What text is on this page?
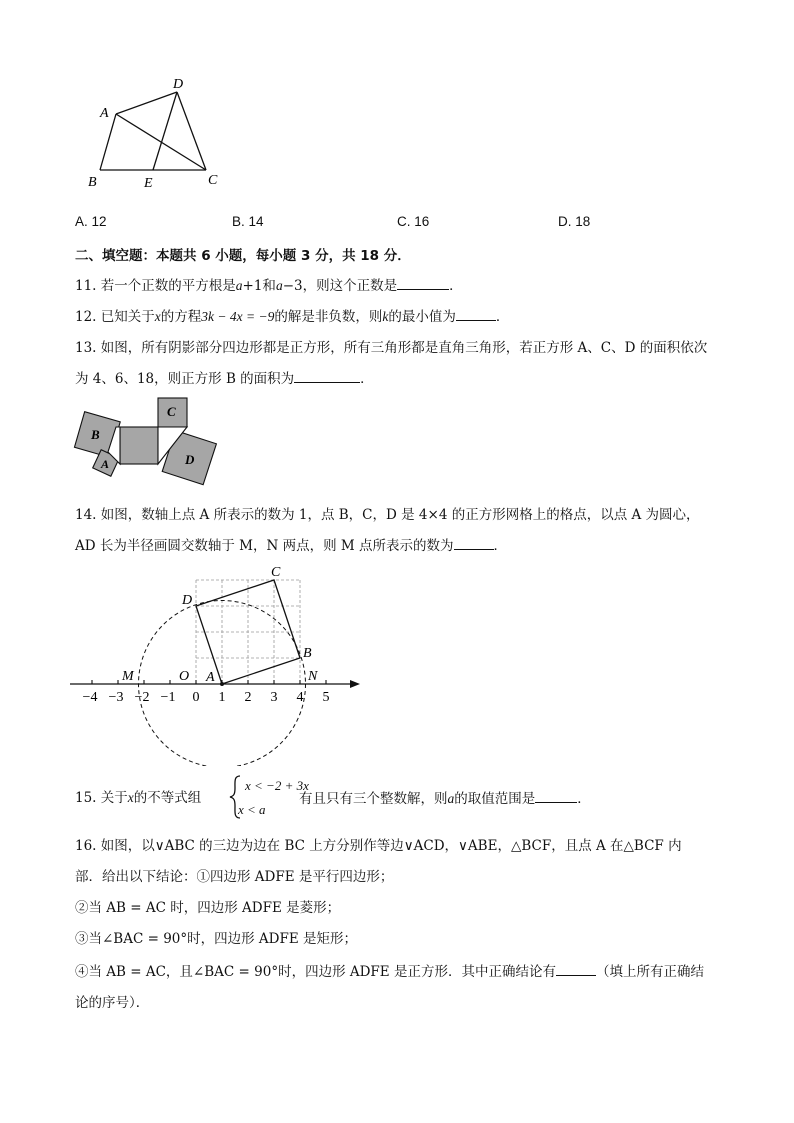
D
A
B	E	C
A. 12	B. 14	C. 16	D. 18
二、填空题：本题共 6 小题，每小题 3 分，共 18 分．
11. 若一个正数的平方根是a+1和a−3，则这个正数是	．
12. 已知关于x的方程3k − 4x = −9的解是非负数，则k的最小值为	．
13. 如图，所有阴影部分四边形都是正方形，所有三角形都是直角三角形，若正方形 A、C、D 的面积依次
为 4、6、18，则正方形 B 的面积为	．
B
A
C
D
14. 如图，数轴上点 A 所表示的数为 1，点 B，C，D 是 4×4 的正方形网格上的格点，以点 A 为圆心，
AD 长为半径画圆交数轴于 M，N 两点，则 M 点所表示的数为	．
C
D
B
M	O A	N
−4 −3 −2 −1 0 1 2 3 4 5
15. 关于x的不等式组
x < −2 + 3x
x < a
有且只有三个整数解，则a的取值范围是	．
16. 如图，以∨ABC 的三边为边在 BC 上方分别作等边∨ACD，∨ABE，△BCF，且点 A 在△BCF 内
部．给出以下结论：①四边形 ADFE 是平行四边形；
②当 AB = AC 时，四边形 ADFE 是菱形；
③当∠BAC = 90°时，四边形 ADFE 是矩形；
④当 AB = AC，且∠BAC = 90°时，四边形 ADFE 是正方形．其中正确结论有	（填上所有正确结
论的序号）．
